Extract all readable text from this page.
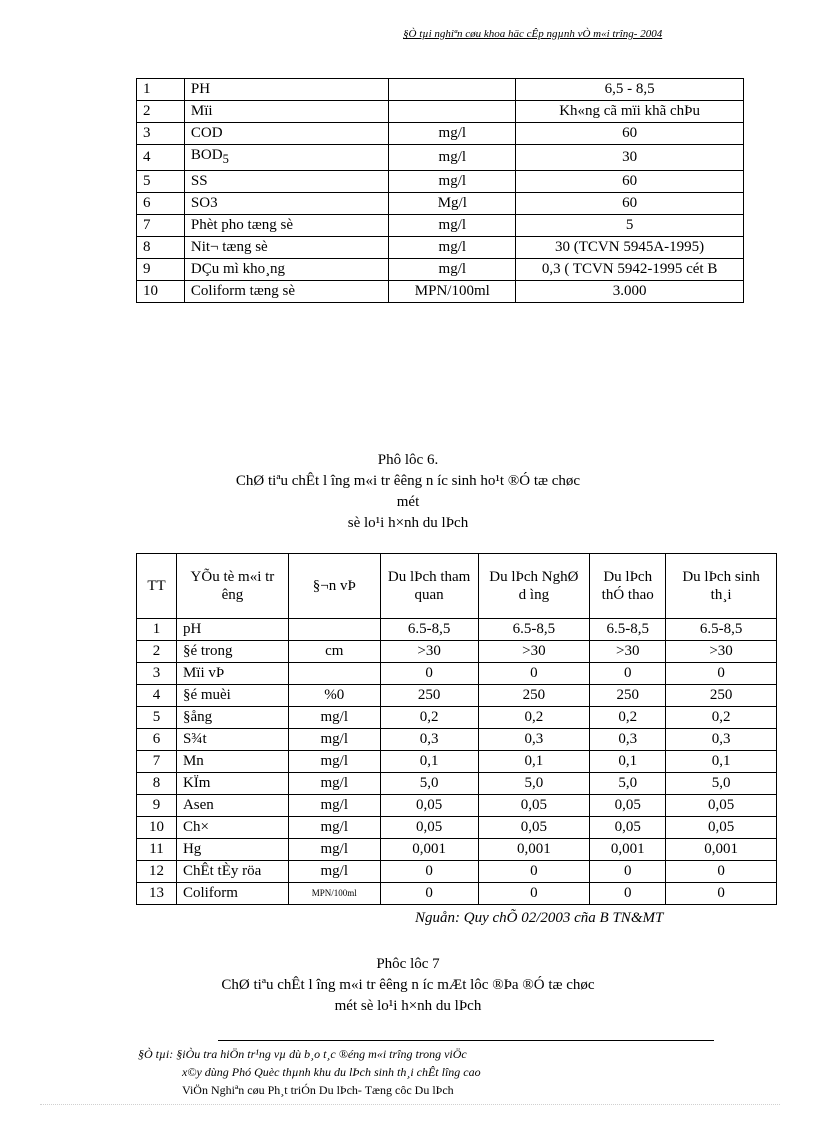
§Ò tµi nghiªn cøu khoa häc cÊp ngµnh vÒ m«i trîng- 2004
1	PH		6,5 - 8,5
2	Mïi		Kh«ng cã mïi khã chÞu
3	COD	mg/l	60
4	$BOD_5$	mg/l	30
5	SS	mg/l	60
6	SO3	Mg/l	60
7	Phèt pho tæng sè	mg/l	5
8	Nit¬ tæng sè	mg/l	30 (TCVN 5945A-1995)
9	DÇu mì kho¸ng	mg/l	0,3 ( TCVN 5942-1995 cét B
10	Coliform tæng sè	MPN/100ml	3.000
Phô lôc 6.
ChØ tiªu chÊt l îng m«i tr êêng n íc sinh ho¹t ®Ó tæ chøc
mét
sè lo¹i h×nh du lÞch
TT	YÕu tè m«i tr êng	§¬n vÞ	Du lÞch tham quan	Du lÞch NghØ d ìng	Du lÞch thÓ thao	Du lÞch sinh th¸i
1	pH		6.5-8,5	6.5-8,5	6.5-8,5	6.5-8,5
2	§é trong	cm	>30	>30	>30	>30
3	Mïi vÞ		0	0	0	0
4	§é muèi	%0	250	250	250	250
5	§ång	mg/l	0,2	0,2	0,2	0,2
6	S¾t	mg/l	0,3	0,3	0,3	0,3
7	Mn	mg/l	0,1	0,1	0,1	0,1
8	KÏm	mg/l	5,0	5,0	5,0	5,0
9	Asen	mg/l	0,05	0,05	0,05	0,05
10	Ch×	mg/l	0,05	0,05	0,05	0,05
11	Hg	mg/l	0,001	0,001	0,001	0,001
12	ChÊt tÈy röa	mg/l	0	0	0	0
13	Coliform	MPN/100ml	0	0	0	0
Nguån: Quy chÕ 02/2003 cña B TN&MT
Phôc lôc 7
ChØ tiªu chÊt l îng m«i tr êêng n íc mÆt lôc ®Þa ®Ó tæ chøc
mét sè lo¹i h×nh du lÞch
§Ò tµi: §iÒu tra hiÖn tr¹ng vµ dù b¸o t¸c ®éng m«i trîng trong viÖc
x©y dùng Phó Quèc thµnh khu du lÞch sinh th¸i chÊt lîng cao
ViÖn Nghiªn cøu Ph¸t triÓn Du lÞch- Tæng côc Du lÞch
